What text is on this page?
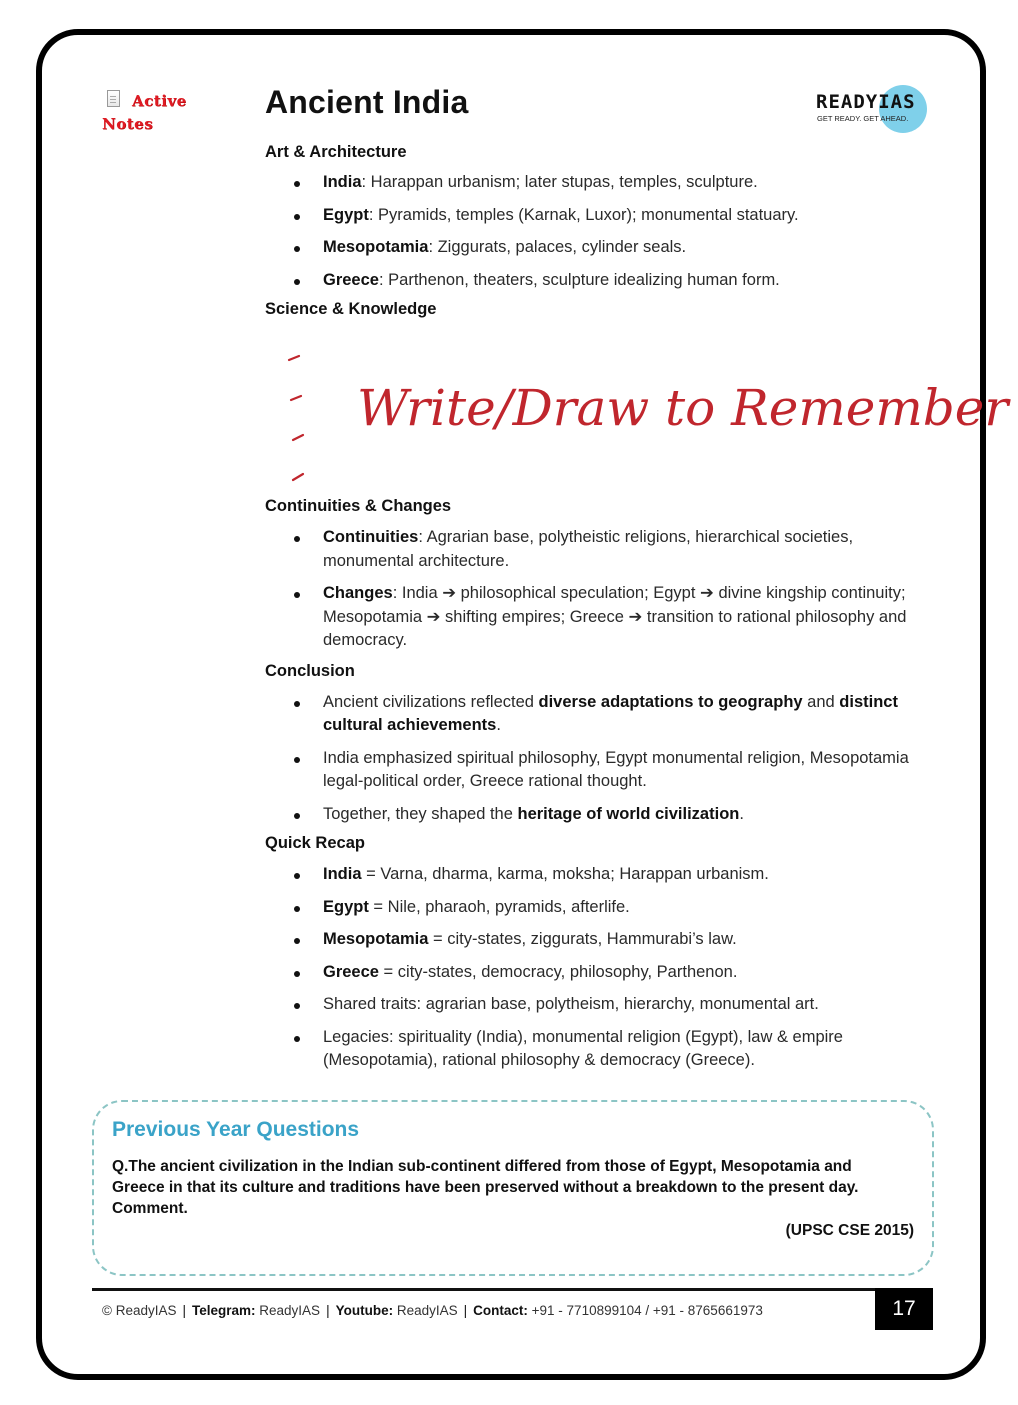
Active
Notes
Ancient India	READYIAS
GET READY. GET AHEAD.
Art & Architecture
India: Harappan urbanism; later stupas, temples, sculpture.
Egypt: Pyramids, temples (Karnak, Luxor); monumental statuary.
Mesopotamia: Ziggurats, palaces, cylinder seals.
Greece: Parthenon, theaters, sculpture idealizing human form.
Science & Knowledge
Write/Draw to Remember
Continuities & Changes
Continuities: Agrarian base, polytheistic religions, hierarchical societies, monumental architecture.
Changes: India ➔ philosophical speculation; Egypt ➔ divine kingship continuity; Mesopotamia ➔ shifting empires; Greece ➔ transition to rational philosophy and democracy.
Conclusion
Ancient civilizations reflected diverse adaptations to geography and distinct cultural achievements.
India emphasized spiritual philosophy, Egypt monumental religion, Mesopotamia legal-political order, Greece rational thought.
Together, they shaped the heritage of world civilization.
Quick Recap
India = Varna, dharma, karma, moksha; Harappan urbanism.
Egypt = Nile, pharaoh, pyramids, afterlife.
Mesopotamia = city-states, ziggurats, Hammurabi’s law.
Greece = city-states, democracy, philosophy, Parthenon.
Shared traits: agrarian base, polytheism, hierarchy, monumental art.
Legacies: spirituality (India), monumental religion (Egypt), law & empire (Mesopotamia), rational philosophy & democracy (Greece).
Previous Year Questions
Q.The ancient civilization in the Indian sub-continent differed from those of Egypt, Mesopotamia and Greece in that its culture and traditions have been preserved without a breakdown to the present day. Comment.
(UPSC CSE 2015)
© ReadyIAS | Telegram: ReadyIAS | Youtube: ReadyIAS | Contact: +91 - 7710899104 / +91 - 8765661973	17
